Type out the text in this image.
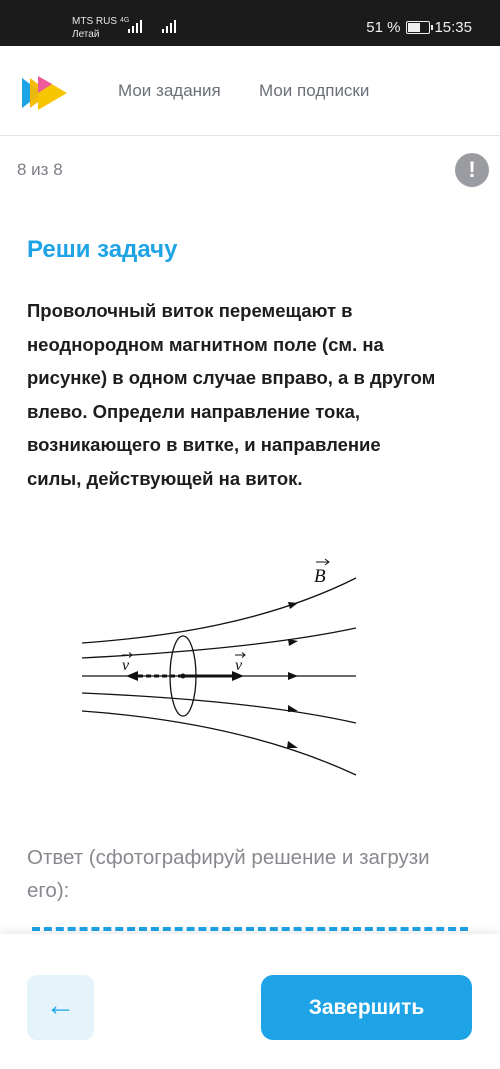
MTS RUS
Летай
4G	51 % 15:35
Мои задания Мои подписки
8 из 8	!
Реши задачу
Проволочный виток перемещают в неоднородном магнитном поле (см. на рисунке) в одном случае вправо, а в другом влево. Определи направление тока, возникающего в витке, и направление силы, действующей на виток.
B
v	v
Ответ (сфотографируй решение и загрузи его):
←	Завершить
